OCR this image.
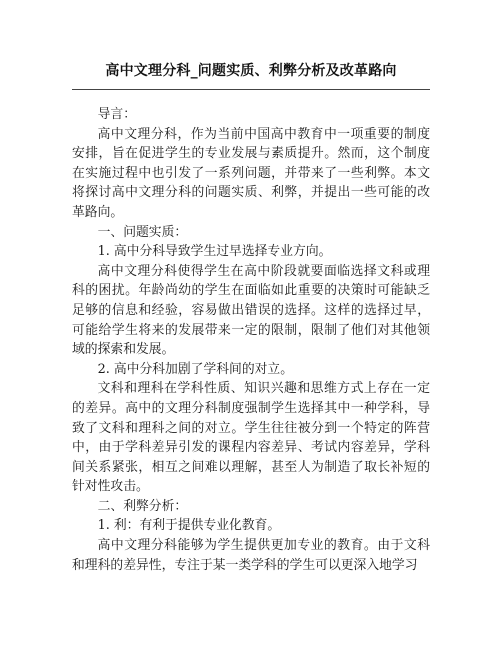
高中文理分科_问题实质、利弊分析及改革路向

导言：

高中文理分科，作为当前中国高中教育中一项重要的制度安排，旨在促进学生的专业发展与素质提升。然而，这个制度在实施过程中也引发了一系列问题，并带来了一些利弊。本文将探讨高中文理分科的问题实质、利弊，并提出一些可能的改革路向。

一、问题实质：

1. 高中分科导致学生过早选择专业方向。

高中文理分科使得学生在高中阶段就要面临选择文科或理科的困扰。年龄尚幼的学生在面临如此重要的决策时可能缺乏足够的信息和经验，容易做出错误的选择。这样的选择过早，可能给学生将来的发展带来一定的限制，限制了他们对其他领域的探索和发展。

2. 高中分科加剧了学科间的对立。

文科和理科在学科性质、知识兴趣和思维方式上存在一定的差异。高中的文理分科制度强制学生选择其中一种学科，导致了文科和理科之间的对立。学生往往被分到一个特定的阵营中，由于学科差异引发的课程内容差异、考试内容差异，学科间关系紧张，相互之间难以理解，甚至人为制造了取长补短的针对性攻击。

二、利弊分析：

1. 利：有利于提供专业化教育。

高中文理分科能够为学生提供更加专业的教育。由于文科和理科的差异性，专注于某一类学科的学生可以更深入地学习
